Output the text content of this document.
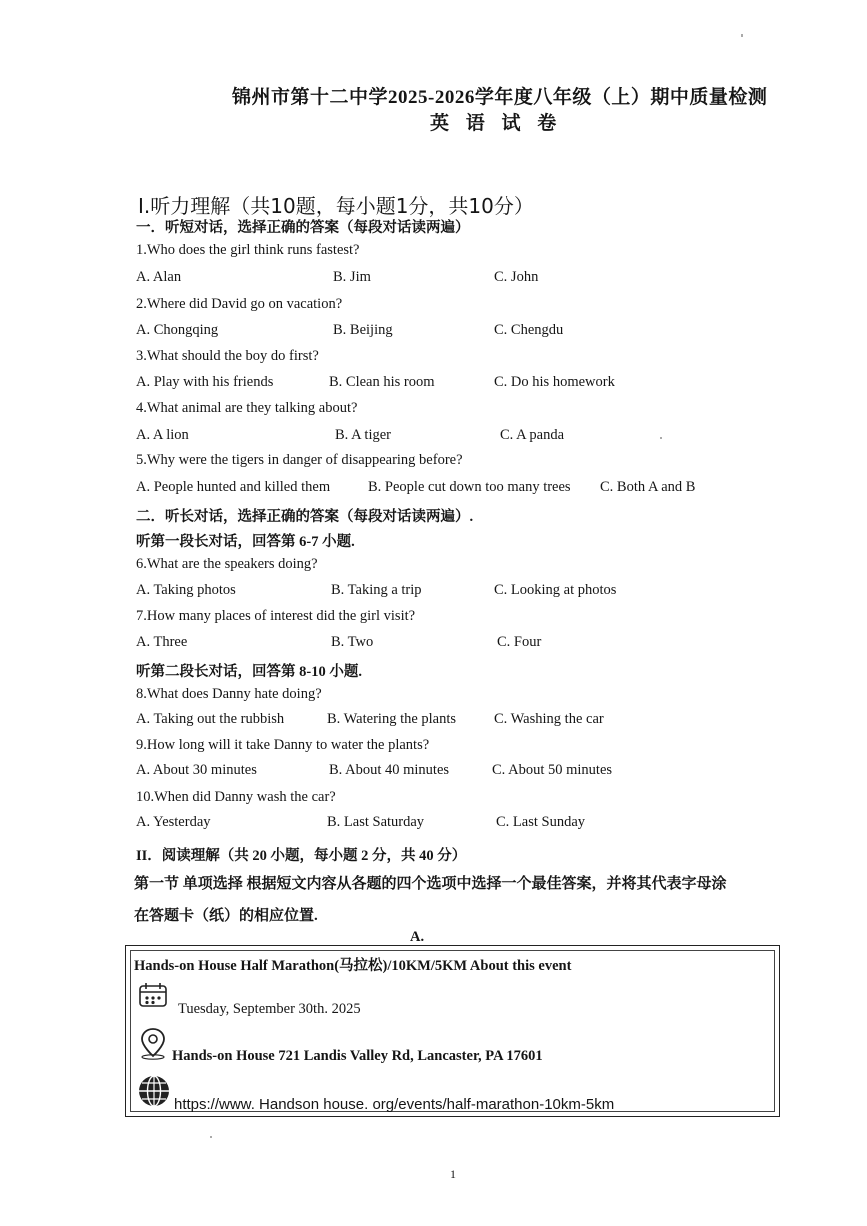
锦州市第十二中学2025-2026学年度八年级（上）期中质量检测
英 语 试 卷
I.听力理解（共10题，每小题1分，共10分）
一．听短对话，选择正确的答案（每段对话读两遍）
1.Who does the girl think runs fastest?
A. Alan	B. Jim	C. John
2.Where did David go on vacation?
A. Chongqing	B. Beijing	C. Chengdu
3.What should the boy do first?
A. Play with his friends	B. Clean his room	C. Do his homework
4.What animal are they talking about?
A. A lion	B. A tiger	C. A panda
5.Why were the tigers in danger of disappearing before?
A. People hunted and killed them	B. People cut down too many trees C. Both A and B
二．听长对话，选择正确的答案（每段对话读两遍）.
听第一段长对话，回答第 6-7 小题.
6.What are the speakers doing?
A. Taking photos	B. Taking a trip	C. Looking at photos
7.How many places of interest did the girl visit?
A. Three	B. Two	C. Four
听第二段长对话，回答第 8-10 小题.
8.What does Danny hate doing?
A. Taking out the rubbish	B. Watering the plants	C. Washing the car
9.How long will it take Danny to water the plants?
A. About 30 minutes	B. About 40 minutes	C. About 50 minutes
10.When did Danny wash the car?
A. Yesterday	B. Last Saturday	C. Last Sunday
II．阅读理解（共 20 小题，每小题 2 分，共 40 分）
第一节 单项选择 根据短文内容从各题的四个选项中选择一个最佳答案，并将其代表字母涂
在答题卡（纸）的相应位置.
A.
Hands-on House Half Marathon(马拉松)/10KM/5KM About this event
Tuesday, September 30th. 2025
Hands-on House 721 Landis Valley Rd, Lancaster, PA 17601
https://www. Handson house. org/events/half-marathon-10km-5km
1
